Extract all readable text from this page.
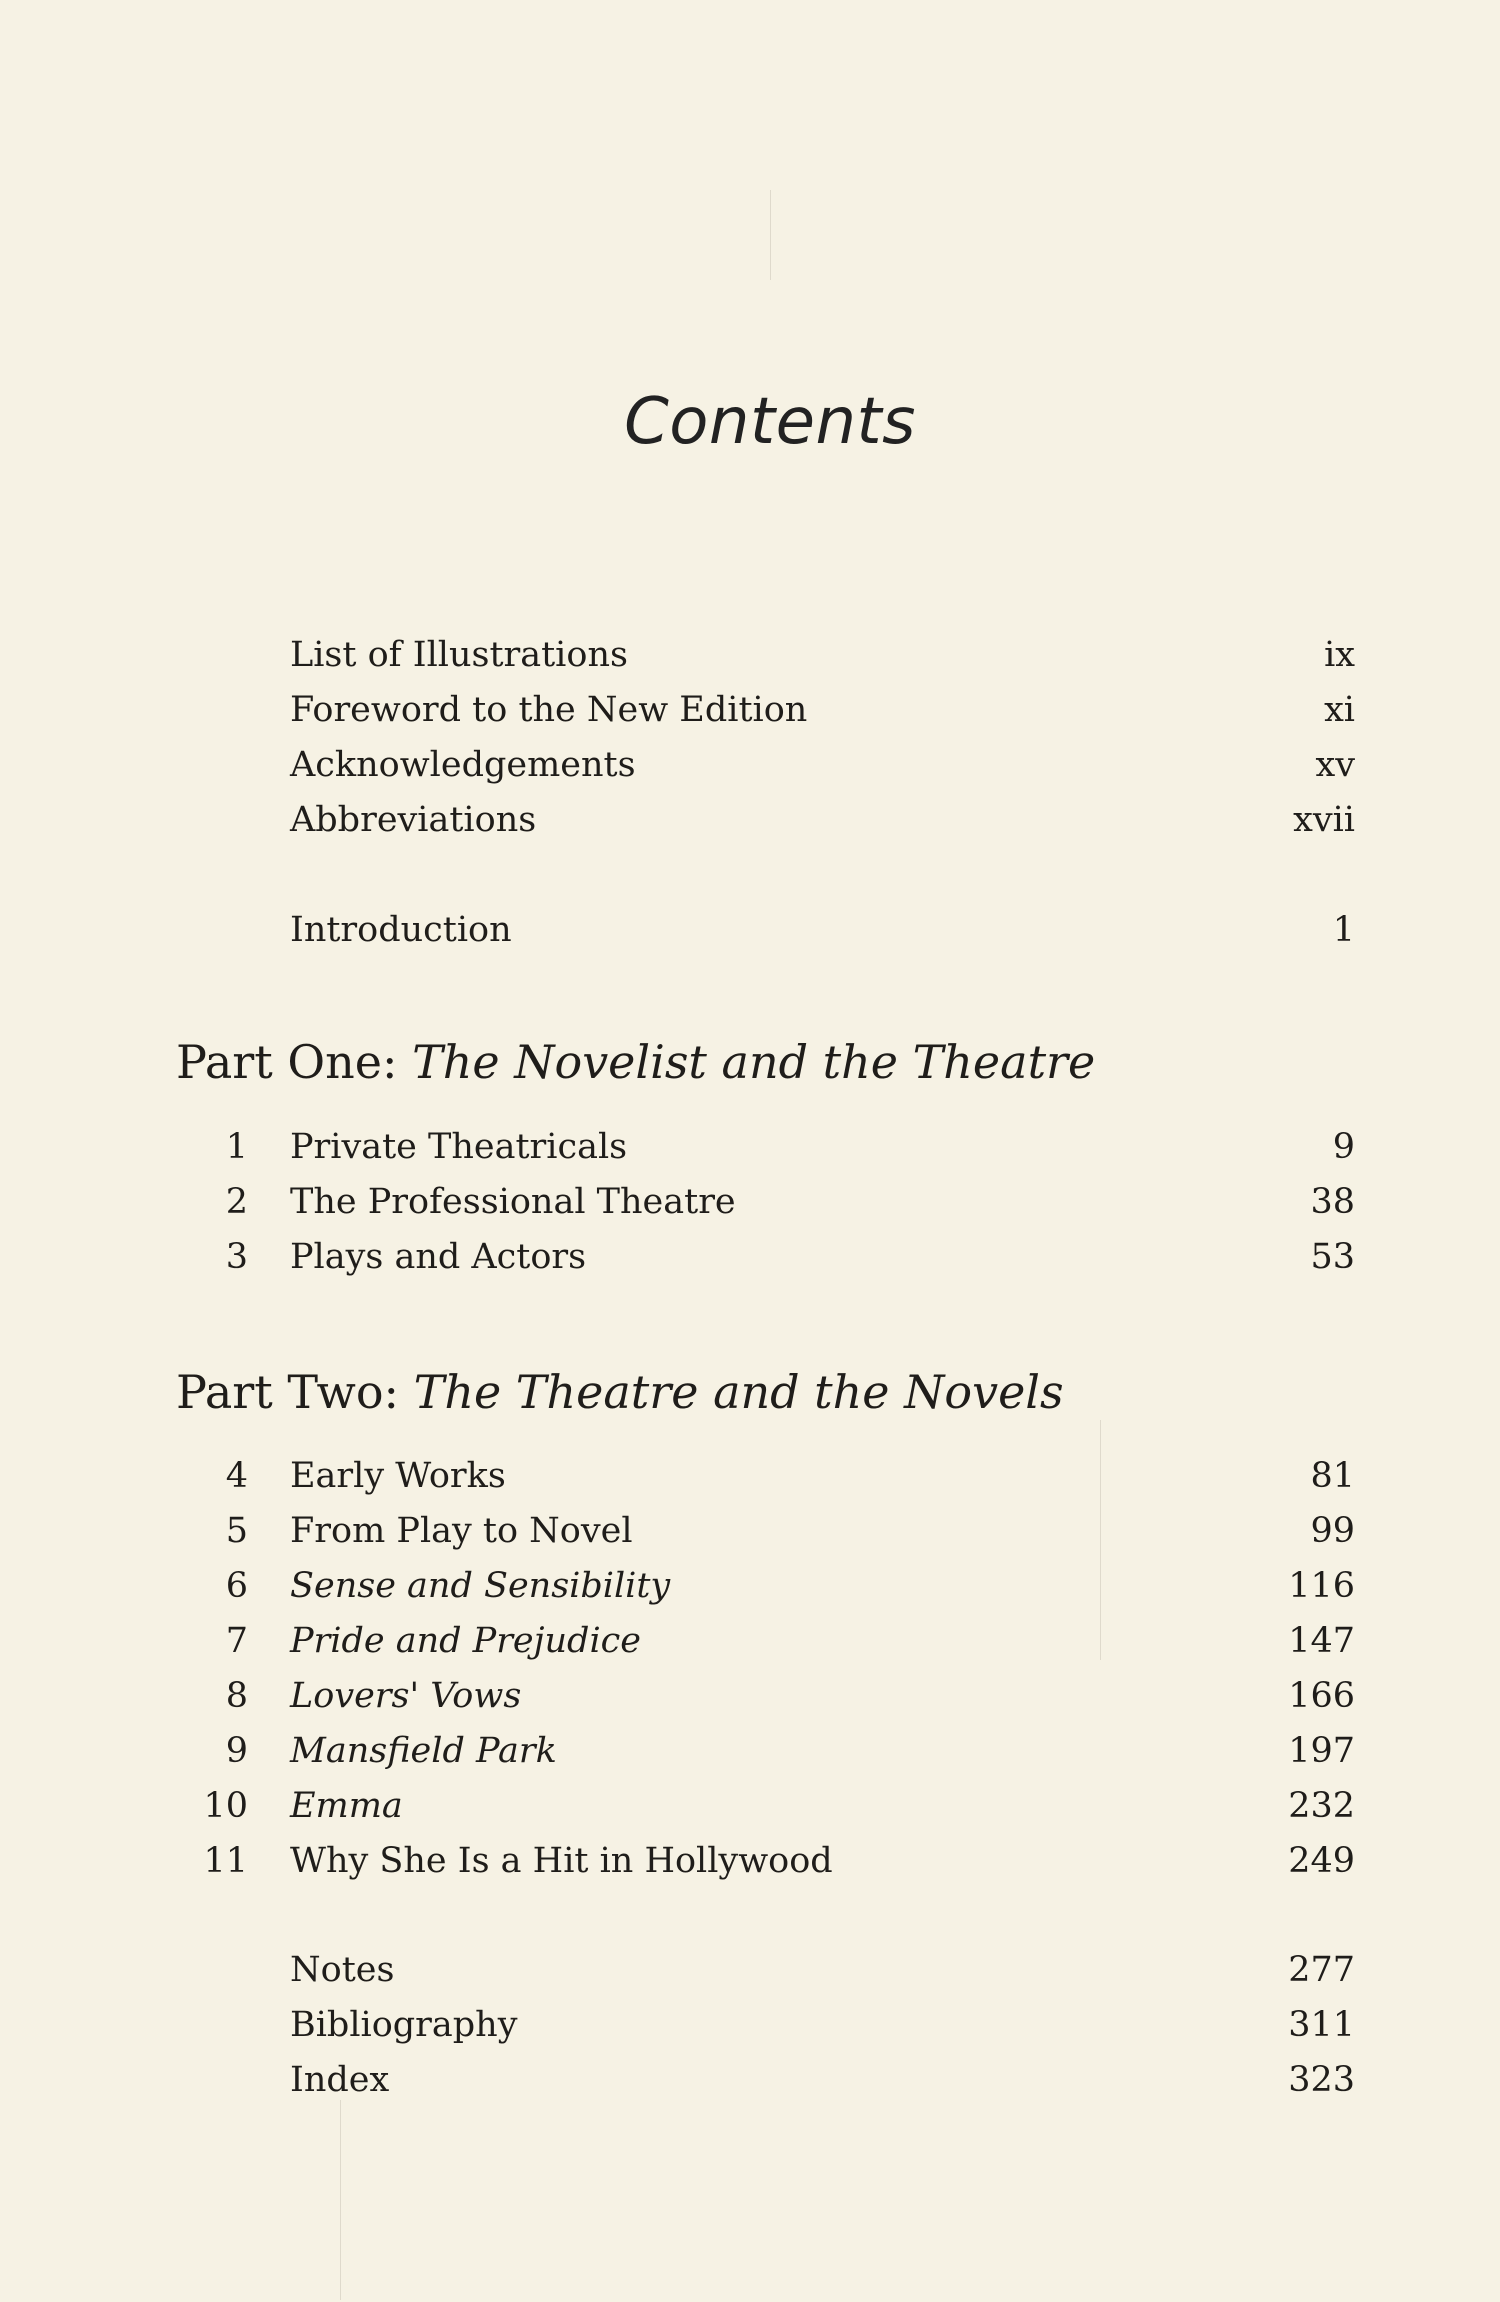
Contents
List of Illustrations	ix
Foreword to the New Edition	xi
Acknowledgements	xv
Abbreviations	xvii
Introduction	1
Part One: The Novelist and the Theatre
1 Private Theatricals	9
2 The Professional Theatre	38
3 Plays and Actors	53
Part Two: The Theatre and the Novels
4 Early Works	81
5 From Play to Novel	99
6 Sense and Sensibility	116
7 Pride and Prejudice	147
8 Lovers' Vows	166
9 Mansfield Park	197
10 Emma	232
11 Why She Is a Hit in Hollywood	249
Notes	277
Bibliography	311
Index	323
